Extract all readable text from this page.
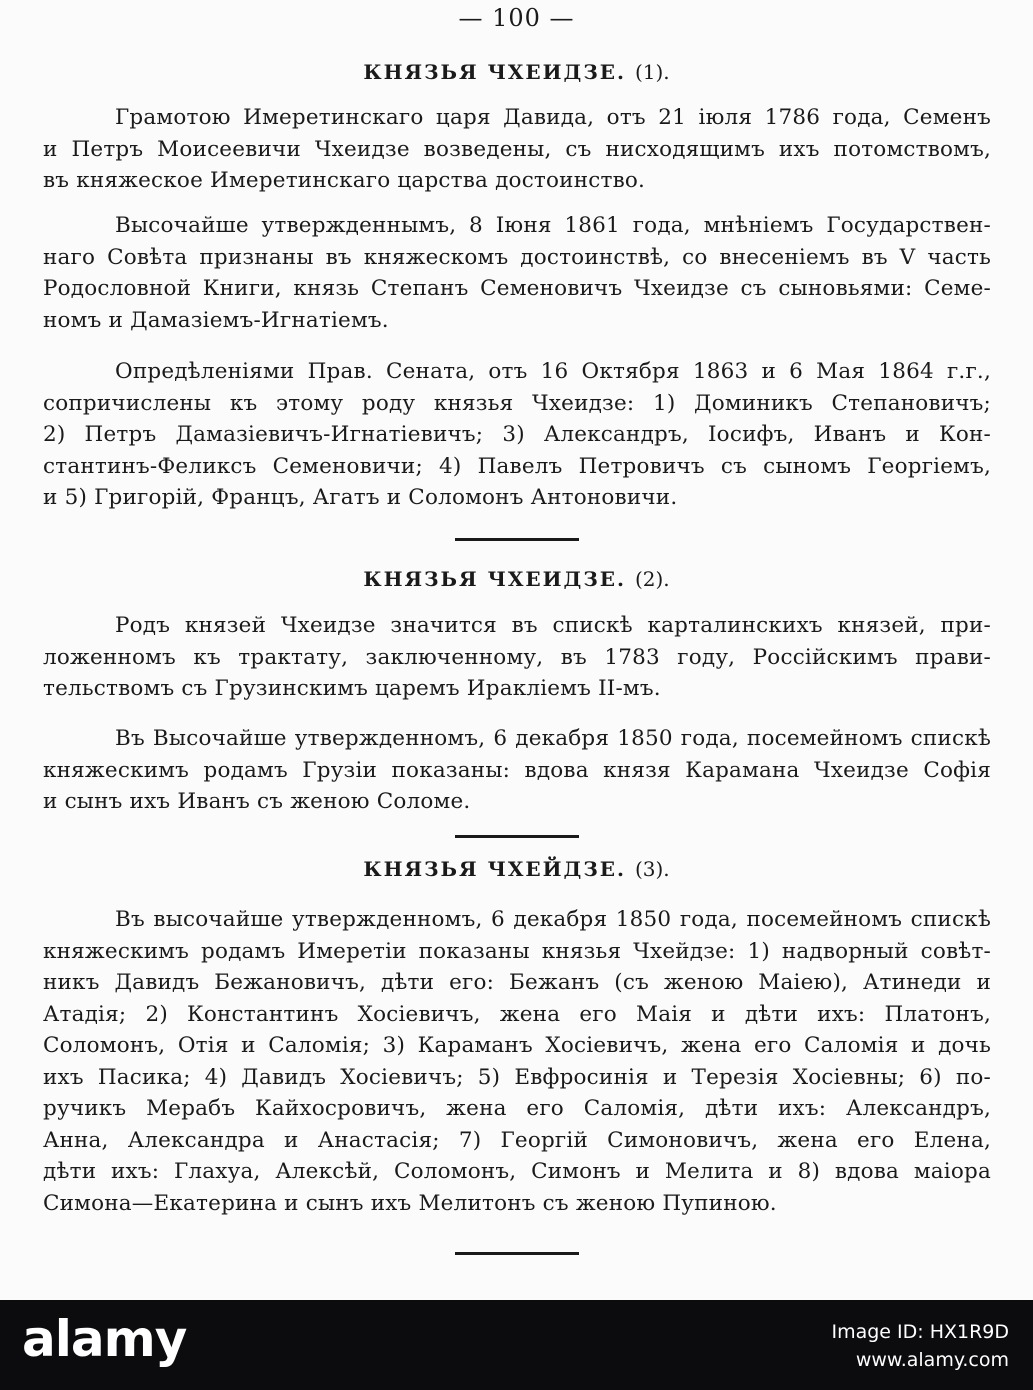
— 100 —
КНЯЗЬЯ ЧХЕИДЗЕ. (1).
Грамотою Имеретинскаго царя Давида, отъ 21 іюля 1786 года, Семенъ
и Петръ Моисеевичи Чхеидзе возведены, съ нисходящимъ ихъ потомствомъ,
въ княжеское Имеретинскаго царства достоинство.
Высочайше утвержденнымъ, 8 Іюня 1861 года, мнѣніемъ Государствен-
наго Совѣта признаны въ княжескомъ достоинствѣ, со внесеніемъ въ V часть
Родословной Книги, князь Степанъ Семеновичъ Чхеидзе съ сыновьями: Семе-
номъ и Дамазіемъ-Игнатіемъ.
Опредѣленіями Прав. Сената, отъ 16 Октября 1863 и 6 Мая 1864 г.г.,
сопричислены къ этому роду князья Чхеидзе: 1) Доминикъ Степановичъ;
2) Петръ Дамазіевичъ-Игнатіевичъ; 3) Александръ, Іосифъ, Иванъ и Кон-
стантинъ-Феликсъ Семеновичи; 4) Павелъ Петровичъ съ сыномъ Георгіемъ,
и 5) Григорій, Францъ, Агатъ и Соломонъ Антоновичи.
КНЯЗЬЯ ЧХЕИДЗЕ. (2).
Родъ князей Чхеидзе значится въ спискѣ карталинскихъ князей, при-
ложенномъ къ трактату, заключенному, въ 1783 году, Россійскимъ прави-
тельствомъ съ Грузинскимъ царемъ Иракліемъ II-мъ.
Въ Высочайше утвержденномъ, 6 декабря 1850 года, посемейномъ спискѣ
княжескимъ родамъ Грузіи показаны: вдова князя Карамана Чхеидзе Софія
и сынъ ихъ Иванъ съ женою Соломе.
КНЯЗЬЯ ЧХЕЙДЗЕ. (3).
Въ высочайше утвержденномъ, 6 декабря 1850 года, посемейномъ спискѣ
княжескимъ родамъ Имеретіи показаны князья Чхейдзе: 1) надворный совѣт-
никъ Давидъ Бежановичъ, дѣти его: Бежанъ (съ женою Маіею), Атинеди и
Атадія; 2) Константинъ Хосіевичъ, жена его Маія и дѣти ихъ: Платонъ,
Соломонъ, Отія и Саломія; 3) Караманъ Хосіевичъ, жена его Саломія и дочь
ихъ Пасика; 4) Давидъ Хосіевичъ; 5) Евфросинія и Терезія Хосіевны; 6) по-
ручикъ Мерабъ Кайхосровичъ, жена его Саломія, дѣти ихъ: Александръ,
Анна, Александра и Анастасія; 7) Георгій Симоновичъ, жена его Елена,
дѣти ихъ: Глахуа, Алексѣй, Соломонъ, Симонъ и Мелита и 8) вдова маіора
Симона—Екатерина и сынъ ихъ Мелитонъ съ женою Пупиною.
alamy	Image ID: HX1R9D
www.alamy.com
